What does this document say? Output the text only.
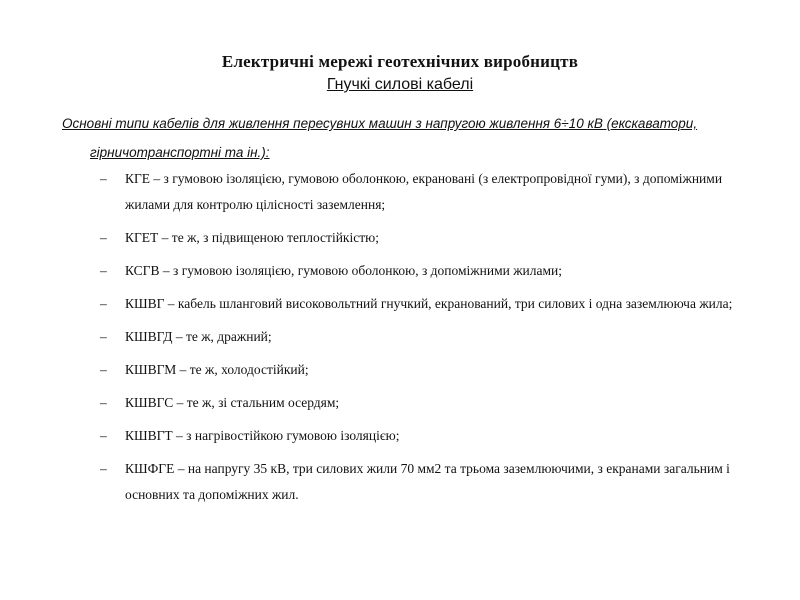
Електричні мережі геотехнічних виробництв
Гнучкі силові кабелі
Основні типи кабелів для живлення пересувних машин з напругою живлення 6÷10 кВ (екскаватори,
гірничотранспортні та ін.):
– КГЕ – з гумовою ізоляцією, гумовою оболонкою, екрановані (з електропровідної гуми), з допоміжними жилами для контролю цілісності заземлення;
– КГЕТ – те ж, з підвищеною теплостійкістю;
– КСГВ – з гумовою ізоляцією, гумовою оболонкою, з допоміжними жилами;
– КШВГ – кабель шланговий високовольтний гнучкий, екранований, три силових і одна заземлююча жила;
– КШВГД – те ж, дражний;
– КШВГМ – те ж, холодостійкий;
– КШВГС – те ж, зі стальним осердям;
– КШВГТ – з нагрівостійкою гумовою ізоляцією;
– КШФГЕ – на напругу 35 кВ, три силових жили 70 мм2 та трьома заземлюючими, з екранами загальним і основних та допоміжних жил.
